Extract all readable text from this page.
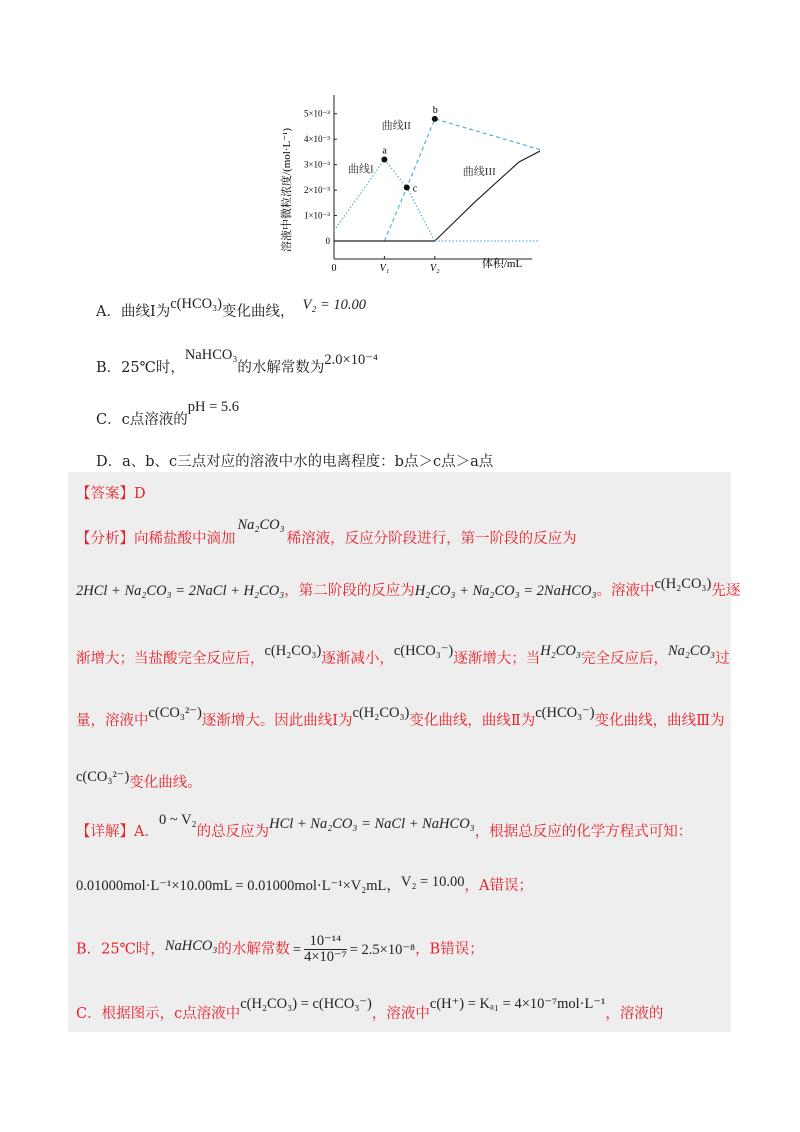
0
1×10⁻³
2×10⁻³
3×10⁻³
4×10⁻³
5×10⁻³
0	V₁	V₂
曲线I
曲线II
曲线III
a
b
c
溶液中微粒浓度/(mol·L⁻¹)
体积/mL
A．曲线Ⅰ为c(HCO₃)变化曲线， V₂ = 10.00
B．25℃时，NaHCO₃的水解常数为2.0×10⁻⁴
C．c点溶液的pH = 5.6
D．a、b、c三点对应的溶液中水的电离程度：b点＞c点＞a点
【答案】D
【分析】向稀盐酸中滴加Na₂CO₃稀溶液，反应分阶段进行，第一阶段的反应为
2HCl + Na₂CO₃ = 2NaCl + H₂CO₃，第二阶段的反应为H₂CO₃ + Na₂CO₃ = 2NaHCO₃。溶液中c(H₂CO₃)先逐
渐增大；当盐酸完全反应后，c(H₂CO₃)逐渐减小，c(HCO₃⁻)逐渐增大；当H₂CO₃完全反应后，Na₂CO₃过
量，溶液中c(CO₃²⁻)逐渐增大。因此曲线Ⅰ为c(H₂CO₃)变化曲线，曲线Ⅱ为c(HCO₃⁻)变化曲线，曲线Ⅲ为
c(CO₃²⁻)变化曲线。
【详解】A．0 ~ V₂的总反应为HCl + Na₂CO₃ = NaCl + NaHCO₃，根据总反应的化学方程式可知：
0.01000mol·L⁻¹×10.00mL = 0.01000mol·L⁻¹×V₂mL，V₂ = 10.00，A错误；
B．25℃时，NaHCO₃的水解常数 = $\frac{\text{10⁻¹⁴}}{\text{4×10⁻⁷}} = 2.5\times 10^{-8}$，B错误；
C．根据图示，c点溶液中c(H₂CO₃) = c(HCO₃⁻)，溶液中c(H⁺) = Kₐ₁ = 4×10⁻⁷mol·L⁻¹，溶液的
